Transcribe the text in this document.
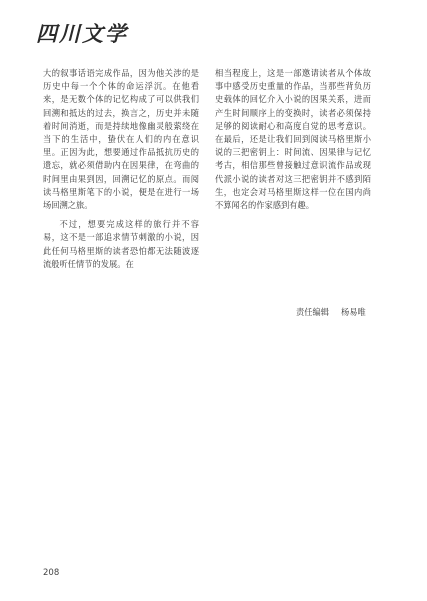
四川文学

大的叙事话语完成作品，因为他关涉的是历史中每一个个体的命运浮沉。在他看来，是无数个体的记忆构成了可以供我们回溯和抵达的过去，换言之，历史并未随着时间消逝，而是持续地像幽灵般萦绕在当下的生活中，蛰伏在人们的内在意识里。正因为此，想要通过作品抵抗历史的遗忘，就必须借助内在因果律，在弯曲的时间里由果到因，回溯记忆的原点。而阅读马格里斯笔下的小说，便是在进行一场场回溯之旅。

不过，想要完成这样的旅行并不容易，这不是一部追求情节刺激的小说，因此任何马格里斯的读者恐怕都无法随波逐流般听任情节的发展。在

相当程度上，这是一部邀请读者从个体故事中感受历史重量的作品，当那些背负历史载体的回忆介入小说的因果关系，进而产生时间顺序上的变换时，读者必须保持足够的阅读耐心和高度自觉的思考意识。在最后，还是让我们回到阅读马格里斯小说的三把密钥上：时间流、因果律与记忆考古，相信那些曾接触过意识流作品或现代派小说的读者对这三把密钥并不感到陌生，也定会对马格里斯这样一位在国内尚不算闻名的作家感到有趣。

责任编辑 杨易唯
208
